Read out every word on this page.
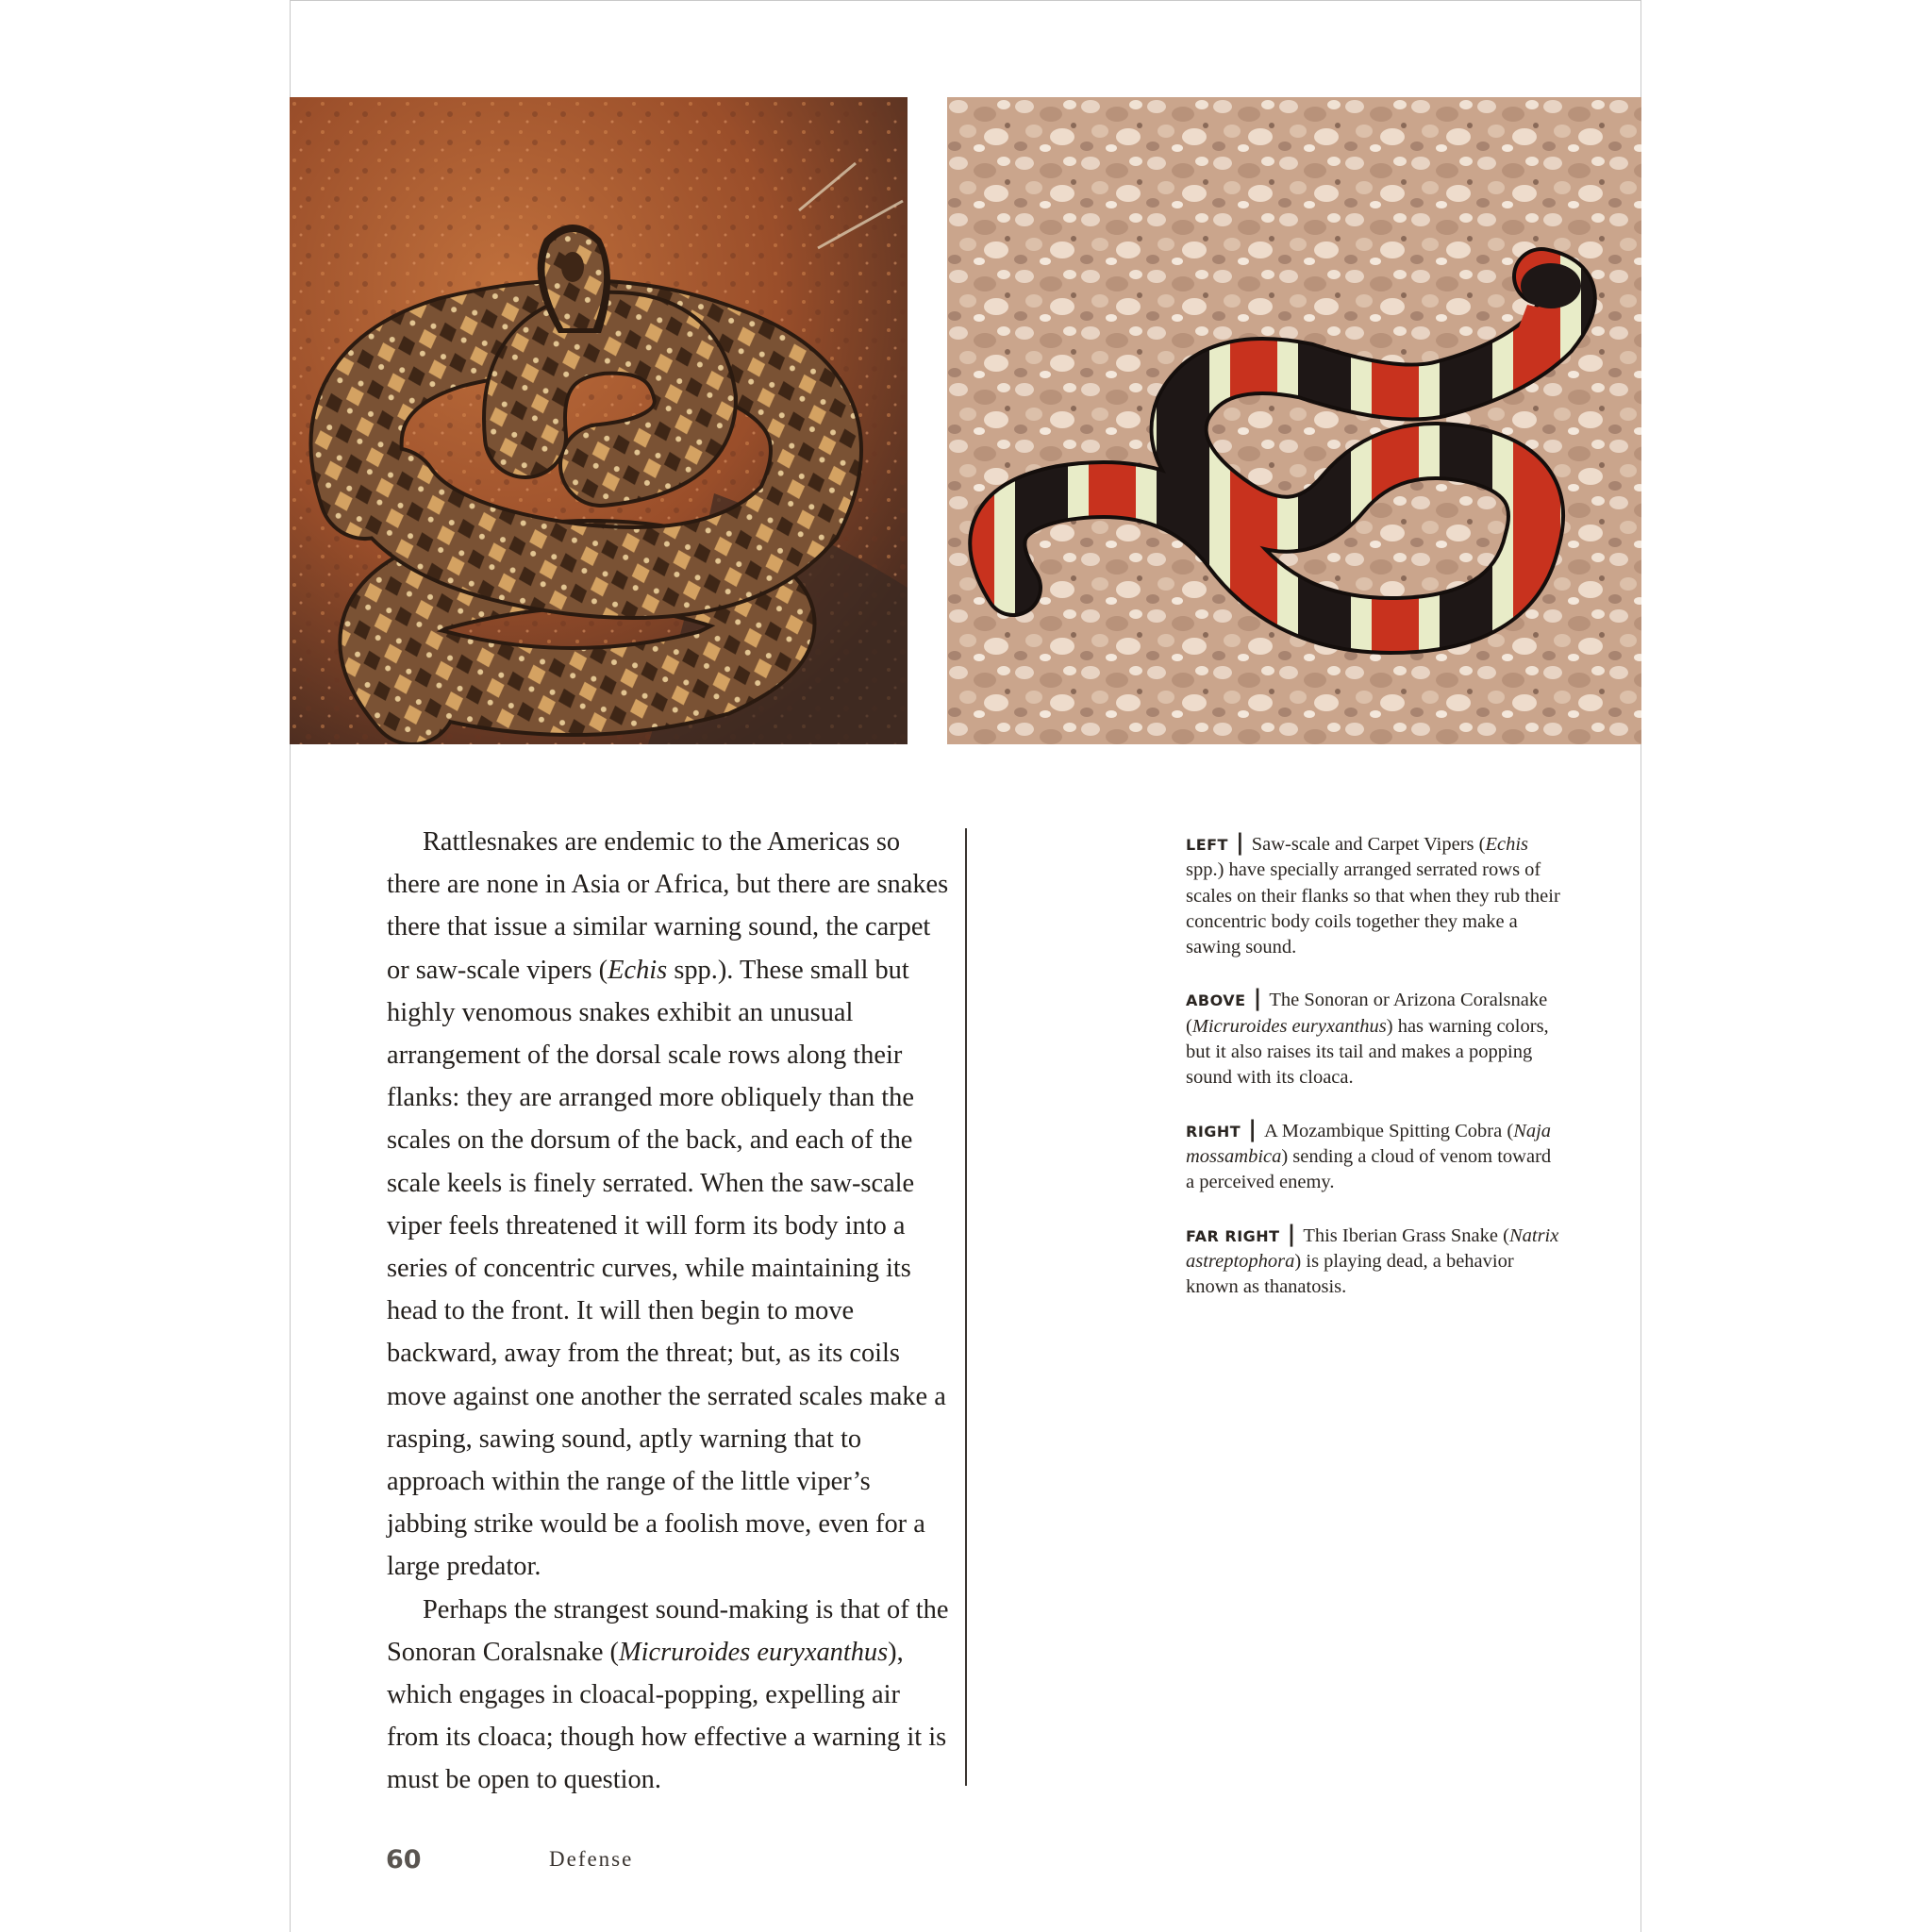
Rattlesnakes are endemic to the Americas so there are none in Asia or Africa, but there are snakes there that issue a similar warning sound, the carpet or saw-scale vipers (Echis spp.). These small but highly venomous snakes exhibit an unusual arrangement of the dorsal scale rows along their flanks: they are arranged more obliquely than the scales on the dorsum of the back, and each of the scale keels is finely serrated. When the saw-scale viper feels threatened it will form its body into a series of concentric curves, while maintaining its head to the front. It will then begin to move backward, away from the threat; but, as its coils move against one another the serrated scales make a rasping, sawing sound, aptly warning that to approach within the range of the little viper’s jabbing strike would be a foolish move, even for a large predator.

Perhaps the strangest sound-making is that of the Sonoran Coralsnake (Micruroides euryxanthus), which engages in cloacal-popping, expelling air from its cloaca; though how effective a warning it is must be open to question.

LEFT | Saw-scale and Carpet Vipers (Echis spp.) have specially arranged serrated rows of scales on their flanks so that when they rub their concentric body coils together they make a sawing sound.

ABOVE | The Sonoran or Arizona Coralsnake (Micruroides euryxanthus) has warning colors, but it also raises its tail and makes a popping sound with its cloaca.

RIGHT | A Mozambique Spitting Cobra (Naja mossambica) sending a cloud of venom toward a perceived enemy.

FAR RIGHT | This Iberian Grass Snake (Natrix astreptophora) is playing dead, a behavior known as thanatosis.

60	Defense
